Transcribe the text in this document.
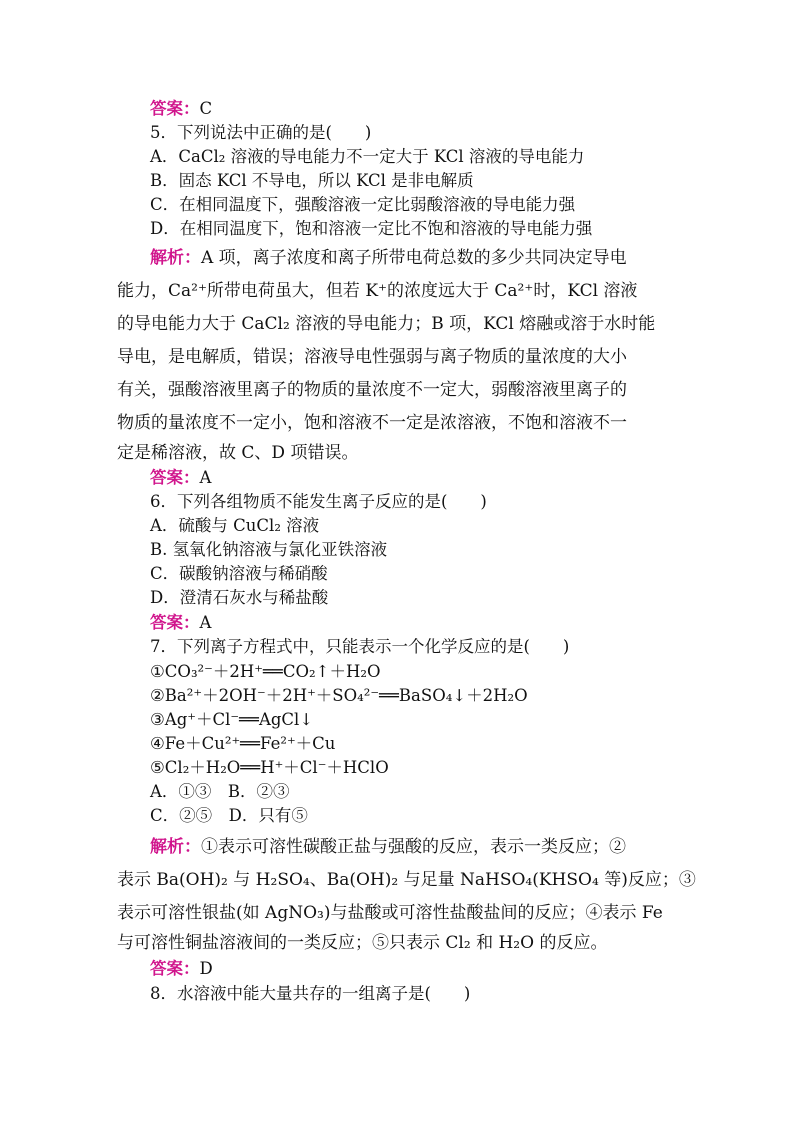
答案：C
5．下列说法中正确的是(　　)
A．CaCl₂ 溶液的导电能力不一定大于 KCl 溶液的导电能力
B．固态 KCl 不导电，所以 KCl 是非电解质
C．在相同温度下，强酸溶液一定比弱酸溶液的导电能力强
D．在相同温度下，饱和溶液一定比不饱和溶液的导电能力强
解析：A 项，离子浓度和离子所带电荷总数的多少共同决定导电
能力，Ca²⁺所带电荷虽大，但若 K⁺的浓度远大于 Ca²⁺时，KCl 溶液
的导电能力大于 CaCl₂ 溶液的导电能力；B 项，KCl 熔融或溶于水时能
导电，是电解质，错误；溶液导电性强弱与离子物质的量浓度的大小
有关，强酸溶液里离子的物质的量浓度不一定大，弱酸溶液里离子的
物质的量浓度不一定小，饱和溶液不一定是浓溶液，不饱和溶液不一
定是稀溶液，故 C、D 项错误。
答案：A
6．下列各组物质不能发生离子反应的是(　　)
A．硫酸与 CuCl₂ 溶液
B. 氢氧化钠溶液与氯化亚铁溶液
C．碳酸钠溶液与稀硝酸
D．澄清石灰水与稀盐酸
答案：A
7．下列离子方程式中，只能表示一个化学反应的是(　　)
①CO₃²⁻＋2H⁺══CO₂↑＋H₂O
②Ba²⁺＋2OH⁻＋2H⁺＋SO₄²⁻══BaSO₄↓＋2H₂O
③Ag⁺＋Cl⁻══AgCl↓
④Fe＋Cu²⁺══Fe²⁺＋Cu
⑤Cl₂＋H₂O══H⁺＋Cl⁻＋HClO
A．①③　B．②③
C．②⑤　D．只有⑤
解析：①表示可溶性碳酸正盐与强酸的反应，表示一类反应；②
表示 Ba(OH)₂ 与 H₂SO₄、Ba(OH)₂ 与足量 NaHSO₄(KHSO₄ 等)反应；③
表示可溶性银盐(如 AgNO₃)与盐酸或可溶性盐酸盐间的反应；④表示 Fe
与可溶性铜盐溶液间的一类反应；⑤只表示 Cl₂ 和 H₂O 的反应。
答案：D
8．水溶液中能大量共存的一组离子是(　　)
